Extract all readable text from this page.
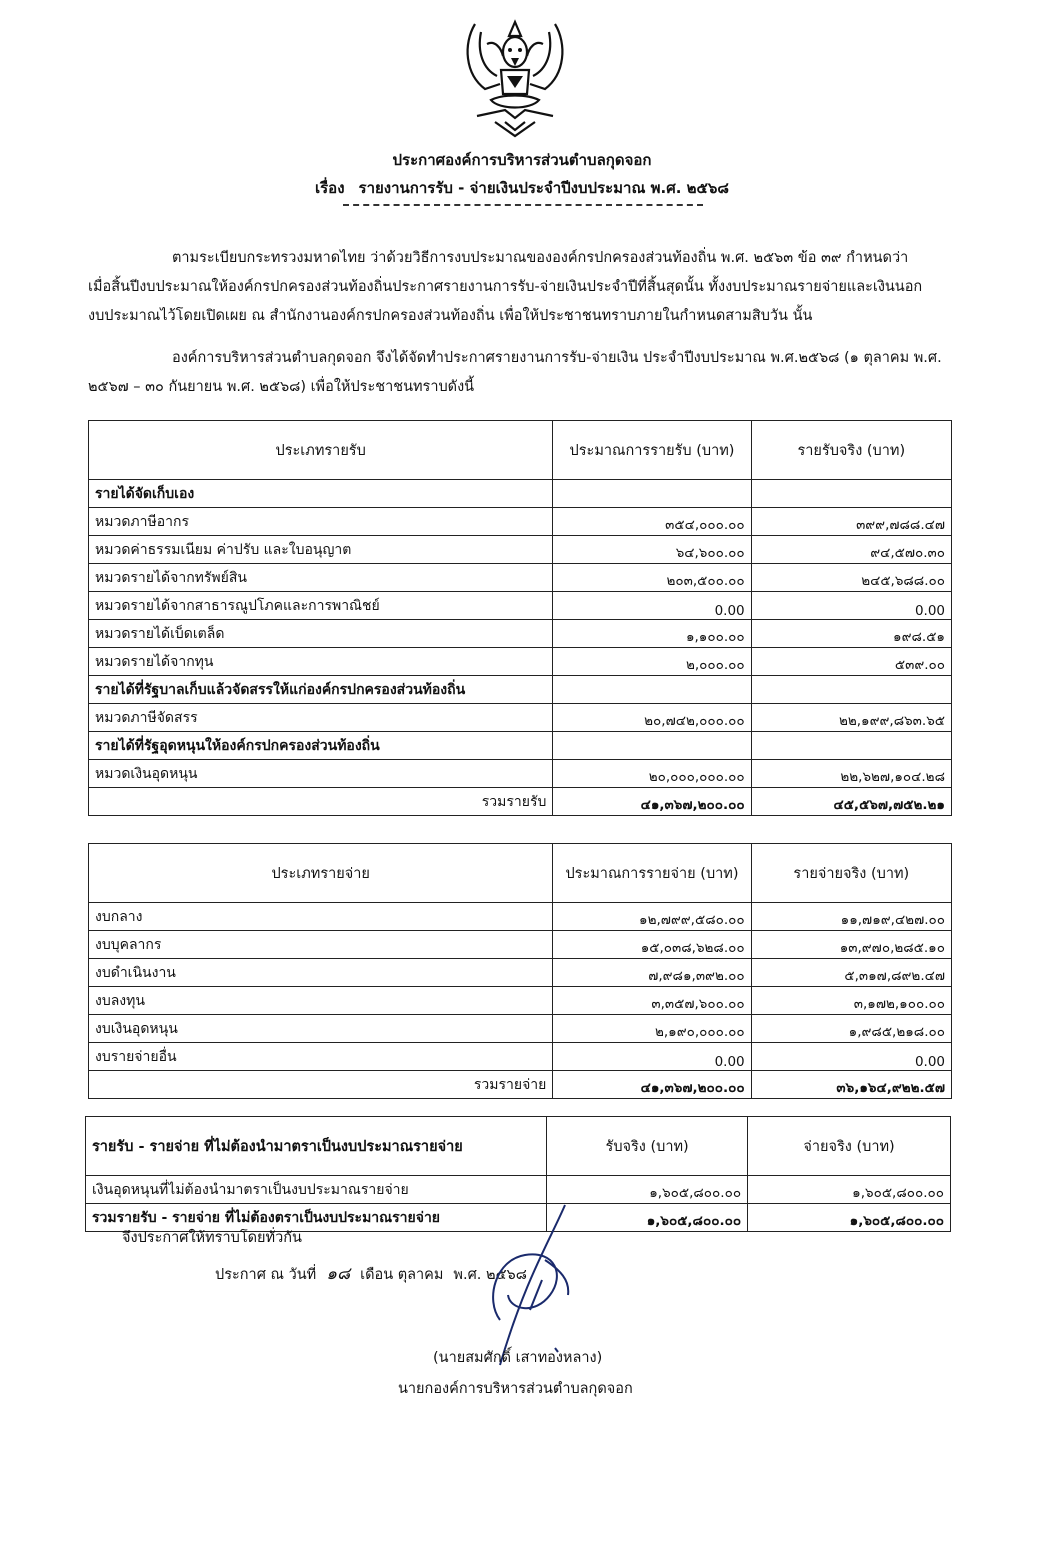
ประกาศองค์การบริหารส่วนตำบลกุดจอก
เรื่อง รายงานการรับ - จ่ายเงินประจำปีงบประมาณ พ.ศ. ๒๕๖๘

ตามระเบียบกระทรวงมหาดไทย ว่าด้วยวิธีการงบประมาณขององค์กรปกครองส่วนท้องถิ่น พ.ศ. ๒๕๖๓ ข้อ ๓๙ กำหนดว่า

เมื่อสิ้นปีงบประมาณให้องค์กรปกครองส่วนท้องถิ่นประกาศรายงานการรับ-จ่ายเงินประจำปีที่สิ้นสุดนั้น ทั้งงบประมาณรายจ่ายและเงินนอก

งบประมาณไว้โดยเปิดเผย ณ สำนักงานองค์กรปกครองส่วนท้องถิ่น เพื่อให้ประชาชนทราบภายในกำหนดสามสิบวัน นั้น

องค์การบริหารส่วนตำบลกุดจอก จึงได้จัดทำประกาศรายงานการรับ-จ่ายเงิน ประจำปีงบประมาณ พ.ศ.๒๕๖๘ (๑ ตุลาคม พ.ศ.

๒๕๖๗ – ๓๐ กันยายน พ.ศ. ๒๕๖๘) เพื่อให้ประชาชนทราบดังนี้

ประเภทรายรับ	ประมาณการรายรับ (บาท)	รายรับจริง (บาท)
รายได้จัดเก็บเอง		
หมวดภาษีอากร	๓๕๔,๐๐๐.๐๐	๓๙๙,๗๘๘.๔๗
หมวดค่าธรรมเนียม ค่าปรับ และใบอนุญาต	๖๔,๖๐๐.๐๐	๙๔,๕๗๐.๓๐
หมวดรายได้จากทรัพย์สิน	๒๐๓,๕๐๐.๐๐	๒๔๕,๖๘๘.๐๐
หมวดรายได้จากสาธารณูปโภคและการพาณิชย์	0.00	0.00
หมวดรายได้เบ็ดเตล็ด	๑,๑๐๐.๐๐	๑๙๘.๕๑
หมวดรายได้จากทุน	๒,๐๐๐.๐๐	๕๓๙.๐๐
รายได้ที่รัฐบาลเก็บแล้วจัดสรรให้แก่องค์กรปกครองส่วนท้องถิ่น		
หมวดภาษีจัดสรร	๒๐,๗๔๒,๐๐๐.๐๐	๒๒,๑๙๙,๘๖๓.๖๕
รายได้ที่รัฐอุดหนุนให้องค์กรปกครองส่วนท้องถิ่น		
หมวดเงินอุดหนุน	๒๐,๐๐๐,๐๐๐.๐๐	๒๒,๖๒๗,๑๐๔.๒๘
รวมรายรับ	๔๑,๓๖๗,๒๐๐.๐๐	๔๕,๕๖๗,๗๕๒.๒๑
ประเภทรายจ่าย	ประมาณการรายจ่าย (บาท)	รายจ่ายจริง (บาท)
งบกลาง	๑๒,๗๙๙,๕๘๐.๐๐	๑๑,๗๑๙,๔๒๗.๐๐
งบบุคลากร	๑๕,๐๓๘,๖๒๘.๐๐	๑๓,๙๗๐,๒๘๕.๑๐
งบดำเนินงาน	๗,๙๘๑,๓๙๒.๐๐	๕,๓๑๗,๘๙๒.๔๗
งบลงทุน	๓,๓๕๗,๖๐๐.๐๐	๓,๑๗๒,๑๐๐.๐๐
งบเงินอุดหนุน	๒,๑๙๐,๐๐๐.๐๐	๑,๙๘๕,๒๑๘.๐๐
งบรายจ่ายอื่น	0.00	0.00
รวมรายจ่าย	๔๑,๓๖๗,๒๐๐.๐๐	๓๖,๑๖๔,๙๒๒.๕๗
รายรับ - รายจ่าย ที่ไม่ต้องนำมาตราเป็นงบประมาณรายจ่าย	รับจริง (บาท)	จ่ายจริง (บาท)
เงินอุดหนุนที่ไม่ต้องนำมาตราเป็นงบประมาณรายจ่าย	๑,๖๐๕,๘๐๐.๐๐	๑,๖๐๕,๘๐๐.๐๐
รวมรายรับ - รายจ่าย ที่ไม่ต้องตราเป็นงบประมาณรายจ่าย	๑,๖๐๕,๘๐๐.๐๐	๑,๖๐๕,๘๐๐.๐๐
จึงประกาศให้ทราบโดยทั่วกัน
ประกาศ ณ วันที่ ๑๘ เดือน ตุลาคม พ.ศ. ๒๕๖๘
(นายสมศักดิ์ เสาทองหลาง)
นายกองค์การบริหารส่วนตำบลกุดจอก
